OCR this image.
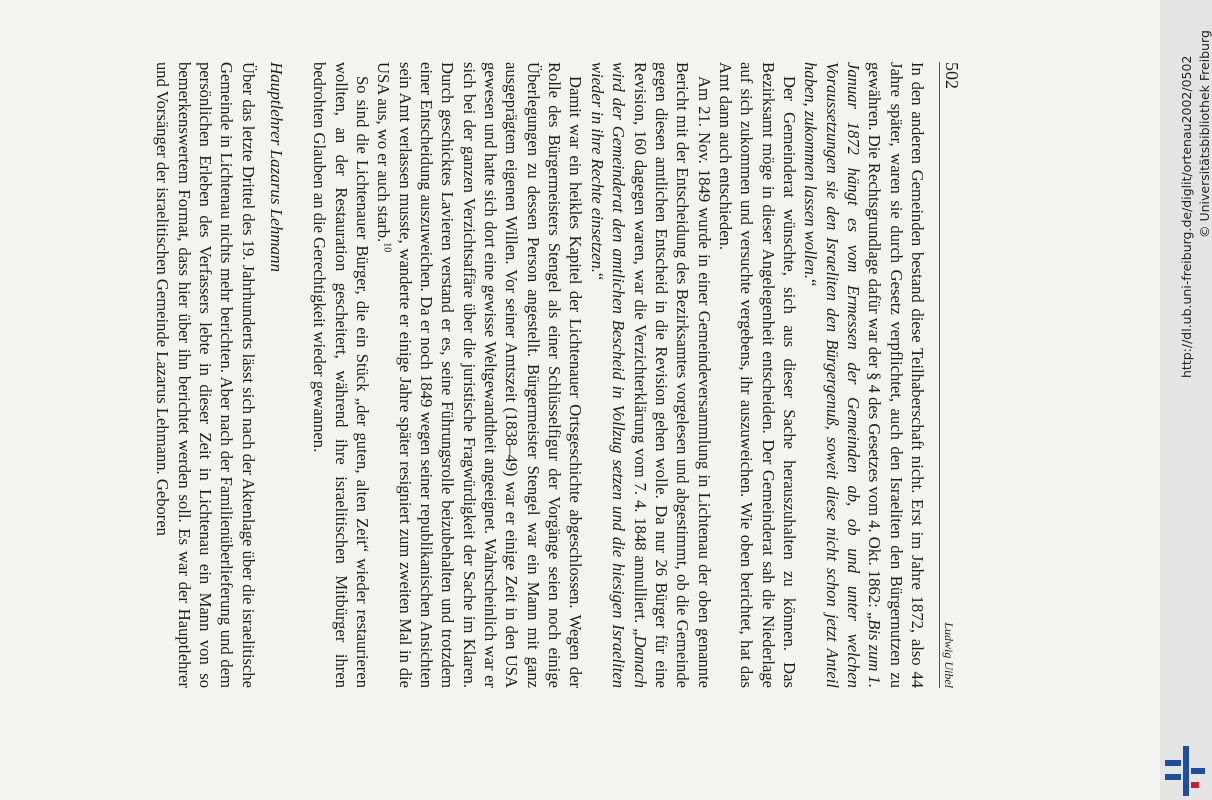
502
Ludwig Uibel

In den anderen Gemeinden bestand diese Teilhaberschaft nicht. Erst im Jahre 1872, also 44 Jahre später, waren sie durch Gesetz verpflichtet, auch den Israeliten den Bürgernutzen zu gewähren. Die Rechtsgrundlage dafür war der § 4 des Gesetzes vom 4. Okt. 1862: „Bis zum 1. Januar 1872 hängt es vom Ermessen der Gemeinden ab, ob und unter welchen Voraussetzungen sie den Israeliten den Bürgergenuß, soweit diese nicht schon jetzt Anteil haben, zukommen lassen wollen.“

Der Gemeinderat wünschte, sich aus dieser Sache herauszuhalten zu können. Das Bezirksamt möge in dieser Angelegenheit entscheiden. Der Gemeinderat sah die Niederlage auf sich zukommen und versuchte vergebens, ihr auszuweichen. Wie oben berichtet, hat das Amt dann auch entschieden.

Am 21. Nov. 1849 wurde in einer Gemeindeversammlung in Lichtenau der oben genannte Bericht mit der Entscheidung des Bezirksamtes vorgelesen und abgestimmt, ob die Gemeinde gegen diesen amtlichen Entscheid in die Revision gehen wolle. Da nur 26 Bürger für eine Revision, 160 dagegen waren, war die Verzichterklärung vom 7. 4. 1848 annulliert. „Danach wird der Gemeinderat den amtlichen Bescheid in Vollzug setzen und die hiesigen Israeliten wieder in ihre Rechte einsetzen.“

Damit war ein heikles Kapitel der Lichtenauer Ortsgeschichte abgeschlossen. Wegen der Rolle des Bürgermeisters Stengel als einer Schlüsselfigur der Vorgänge seien noch einige Überlegungen zu dessen Person angestellt. Bürgermeister Stengel war ein Mann mit ganz ausgeprägtem eigenen Willen. Vor seiner Amtszeit (1838–49) war er einige Zeit in den USA gewesen und hatte sich dort eine gewisse Weltgewandtheit angeeignet. Wahrscheinlich war er sich bei der ganzen Verzichtsaffäre über die juristische Fragwürdigkeit der Sache im Klaren. Durch geschicktes Lavieren verstand er es, seine Führungsrolle beizubehalten und trotzdem einer Entscheidung auszuweichen. Da er noch 1849 wegen seiner republikanischen Ansichten sein Amt verlassen musste, wanderte er einige Jahre später resigniert zum zweiten Mal in die USA aus, wo er auch starb.$^{10}$

So sind die Lichtenauer Bürger, die ein Stück „der guten, alten Zeit“ wieder restaurieren wollten, an der Restauration gescheitert, während ihre israelitischen Mitbürger ihren bedrohten Glauben an die Gerechtigkeit wieder gewannen.

Hauptlehrer Lazarus Lehmann

Über das letzte Drittel des 19. Jahrhunderts lässt sich nach der Aktenlage über die israelitische Gemeinde in Lichtenau nichts mehr berichten. Aber nach der Familienüberlieferung und dem persönlichen Erleben des Verfassers lebte in dieser Zeit in Lichtenau ein Mann von so bemerkenswertem Format, dass hier über ihn berichtet werden soll. Es war der Hauptlehrer und Vorsänger der israelitischen Gemeinde Lazarus Lehmann. Geboren	http://dl.ub.uni-freiburg.de/diglit/ortenau2002/0502 © Universitätsbibliothek Freiburg
